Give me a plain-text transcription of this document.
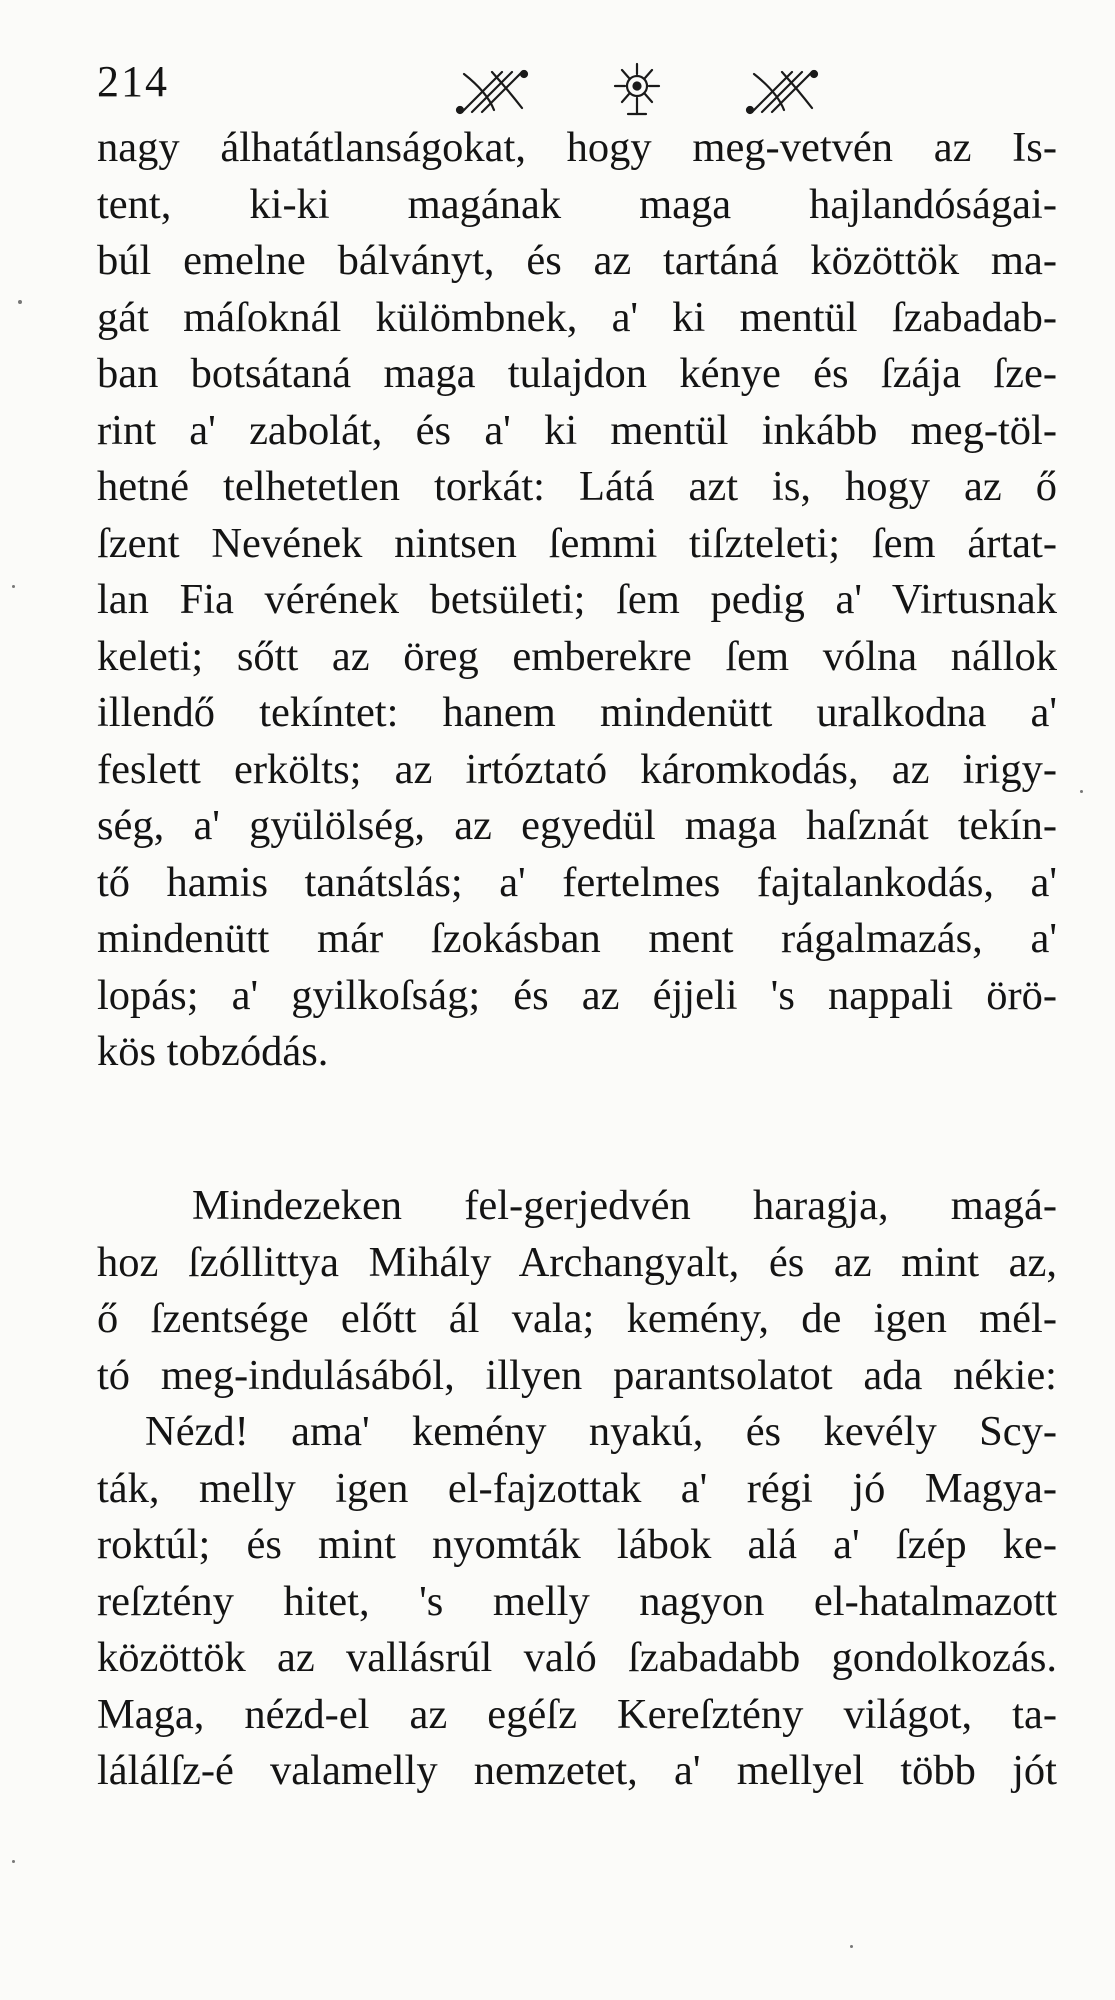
214
nagy álhatátlanságokat, hogy meg-vetvén az Is-
tent, ki-ki magának maga hajlandóságai-
búl emelne bálványt, és az tartáná közöttök ma-
gát máſoknál külömbnek, a' ki mentül ſzabadab-
ban botsátaná maga tulajdon kénye és ſzája ſze-
rint a' zabolát, és a' ki mentül inkább meg-töl-
hetné telhetetlen torkát: Látá azt is, hogy az ő
ſzent Nevének nintsen ſemmi tiſzteleti; ſem ártat-
lan Fia vérének betsületi; ſem pedig a' Virtusnak
keleti; sőtt az öreg emberekre ſem vólna nállok
illendő tekíntet: hanem mindenütt uralkodna a'
feslett erkölts; az irtóztató káromkodás, az irigy-
ség, a' gyülölség, az egyedül maga haſznát tekín-
tő hamis tanátslás; a' fertelmes fajtalankodás, a'
mindenütt már ſzokásban ment rágalmazás, a'
lopás; a' gyilkoſság; és az éjjeli 's nappali örö-
kös tobzódás.
Mindezeken fel-gerjedvén haragja, magá-
hoz ſzóllittya Mihály Archangyalt, és az mint az,
ő ſzentsége előtt ál vala; kemény, de igen mél-
tó meg-indulásából, illyen parantsolatot ada nékie:
Nézd! ama' kemény nyakú, és kevély Scy-
ták, melly igen el-fajzottak a' régi jó Magya-
roktúl; és mint nyomták lábok alá a' ſzép ke-
reſztény hitet, 's melly nagyon el-hatalmazott
közöttök az vallásrúl való ſzabadabb gondolkozás.
Maga, nézd-el az egéſz Kereſztény világot, ta-
lálálſz-é valamelly nemzetet, a' mellyel több jót
